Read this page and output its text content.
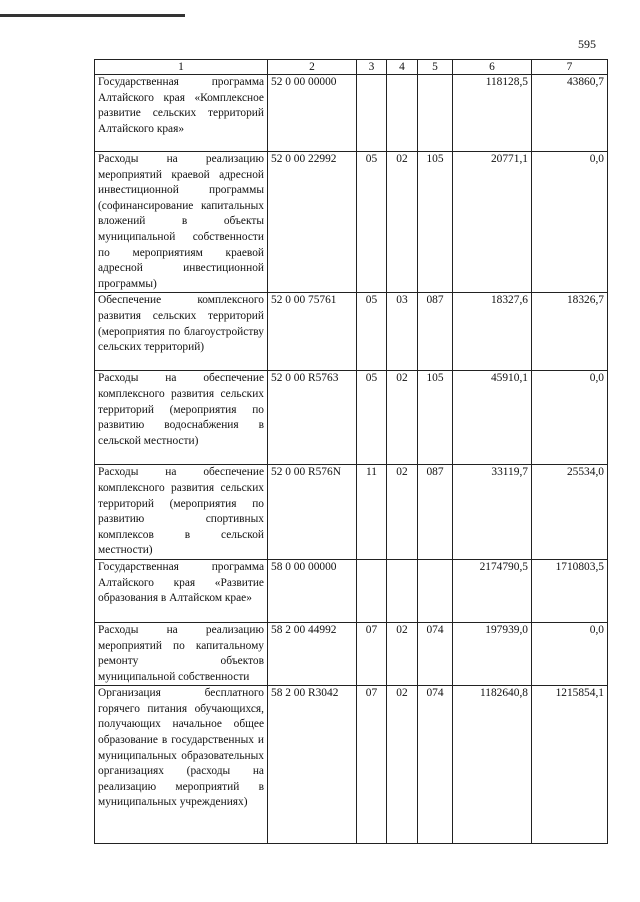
595
1	2	3	4	5	6	7
Государственная программа Алтайского края «Комплексное развитие сельских территорий Алтайского края»	52 0 00 00000				118128,5	43860,7
Расходы на реализацию мероприятий краевой адресной инвестиционной программы (софинансирование капитальных вложений в объекты муниципальной собственности по мероприятиям краевой адресной инвестиционной программы)	52 0 00 22992	05	02	105	20771,1	0,0
Обеспечение комплексного развития сельских территорий (мероприятия по благоустройству сельских территорий)	52 0 00 75761	05	03	087	18327,6	18326,7
Расходы на обеспечение комплексного развития сельских территорий (мероприятия по развитию водоснабжения в сельской местности)	52 0 00 R5763	05	02	105	45910,1	0,0
Расходы на обеспечение комплексного развития сельских территорий (мероприятия по развитию спортивных комплексов в сельской местности)	52 0 00 R576N	11	02	087	33119,7	25534,0
Государственная программа Алтайского края «Развитие образования в Алтайском крае»	58 0 00 00000				2174790,5	1710803,5
Расходы на реализацию мероприятий по капитальному ремонту объектов муниципальной собственности	58 2 00 44992	07	02	074	197939,0	0,0
Организация бесплатного горячего питания обучающихся, получающих начальное общее образование в государственных и муниципальных образовательных организациях (расходы на реализацию мероприятий в муниципальных учреждениях)	58 2 00 R3042	07	02	074	1182640,8	1215854,1
